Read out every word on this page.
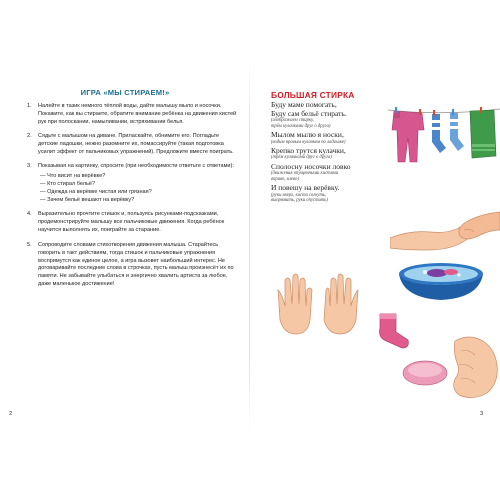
ИГРА «МЫ СТИРАЕМ!»
1. Налейте в тазик немного тёплой воды, дайте малышу мыло и носочки. Покажите, как вы стираете, обратите внимание ребёнка на движения кистей рук при полоскании, намыливании, встряхивании белья.
2. Сядьте с малышом на диване. Приласкайте, обнимите его. Погладьте детские ладошки, нежно разомните их, помассируйте (такая подготовка усилит эффект от пальчиковых упражнений). Предложите вместе поиграть.
3. Показывая на картинку, спросите (при необходимости ответьте с ответами):
— Что висит на верёвке?
— Кто стирал бельё?
— Одежда на верёвке чистая или грязная?
— Зачем бельё вешают на верёвку?
4. Выразительно прочтите стишок и, пользуясь рисунками-подсказками, продемонстрируйте малышу все пальчиковые движения. Когда ребёнок научится выполнять их, поиграйте за старание.
5. Сопроводите словами стихотворения движения малыша. Старайтесь говорить в такт действиям, тогда стишок и пальчиковые упражнения воспримутся как единое целое, а игра вызовет наибольший интерес. Не договаривайте последние слова в строчках, пусть малыш произнесёт их по памяти. Не забывайте улыбаться и энергично хвалить артиста за любое, даже маленькое достижение!
2
БОЛЬШАЯ СТИРКА
Буду маме помогать,
Буду сам бельё стирать.
(изображаем стирку,
трём кулачками друг о друга)
Мылом мылю я носки,
(водим правым кулачком по ладошке)
Крепко трутся кулачки,
(трём кулачками друг о друга)
Сполосну носочки ловко
(движения опущенными кистями
вправо, влево)
И повешу на верёвку.
(руки вверх, кисти согнуть,
выпрямить, руки опустить)
3
